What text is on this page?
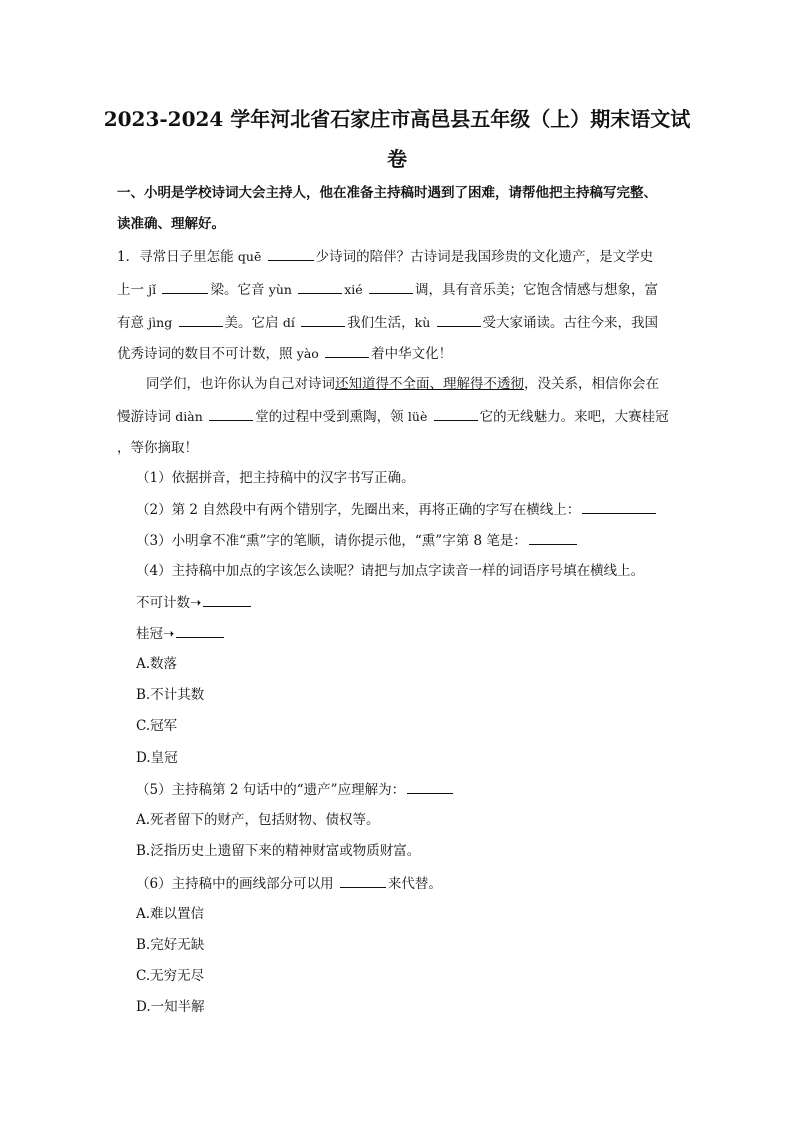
2023-2024 学年河北省石家庄市高邑县五年级（上）期末语文试
卷
一、小明是学校诗词大会主持人，他在准备主持稿时遇到了困难，请帮他把主持稿写完整、
读准确、理解好。
1．寻常日子里怎能 quē	少诗词的陪伴？古诗词是我国珍贵的文化遗产，是文学史
上一 jǐ	梁。它音 yùn	xié	调，具有音乐美；它饱含情感与想象，富
有意 jìng	美。它启 dí	我们生活，kù	受大家诵读。古往今来，我国
优秀诗词的数目不可计数，照 yào	着中华文化！
同学们，也许你认为自己对诗词还知道得不全面、理解得不透彻，没关系，相信你会在
慢游诗词 diàn	堂的过程中受到熏陶，领 lüè	它的无线魅力。来吧，大赛桂冠
，等你摘取！
（1）依据拼音，把主持稿中的汉字书写正确。
（2）第 2 自然段中有两个错别字，先圈出来，再将正确的字写在横线上：
（3）小明拿不准“熏”字的笔顺，请你提示他，“熏”字第 8 笔是：
（4）主持稿中加点的字该怎么读呢？请把与加点字读音一样的词语序号填在横线上。
不可计数➝
桂冠➝
A.数落
B.不计其数
C.冠军
D.皇冠
（5）主持稿第 2 句话中的“遗产”应理解为：
A.死者留下的财产，包括财物、债权等。
B.泛指历史上遗留下来的精神财富或物质财富。
（6）主持稿中的画线部分可以用	来代替。
A.难以置信
B.完好无缺
C.无穷无尽
D.一知半解
